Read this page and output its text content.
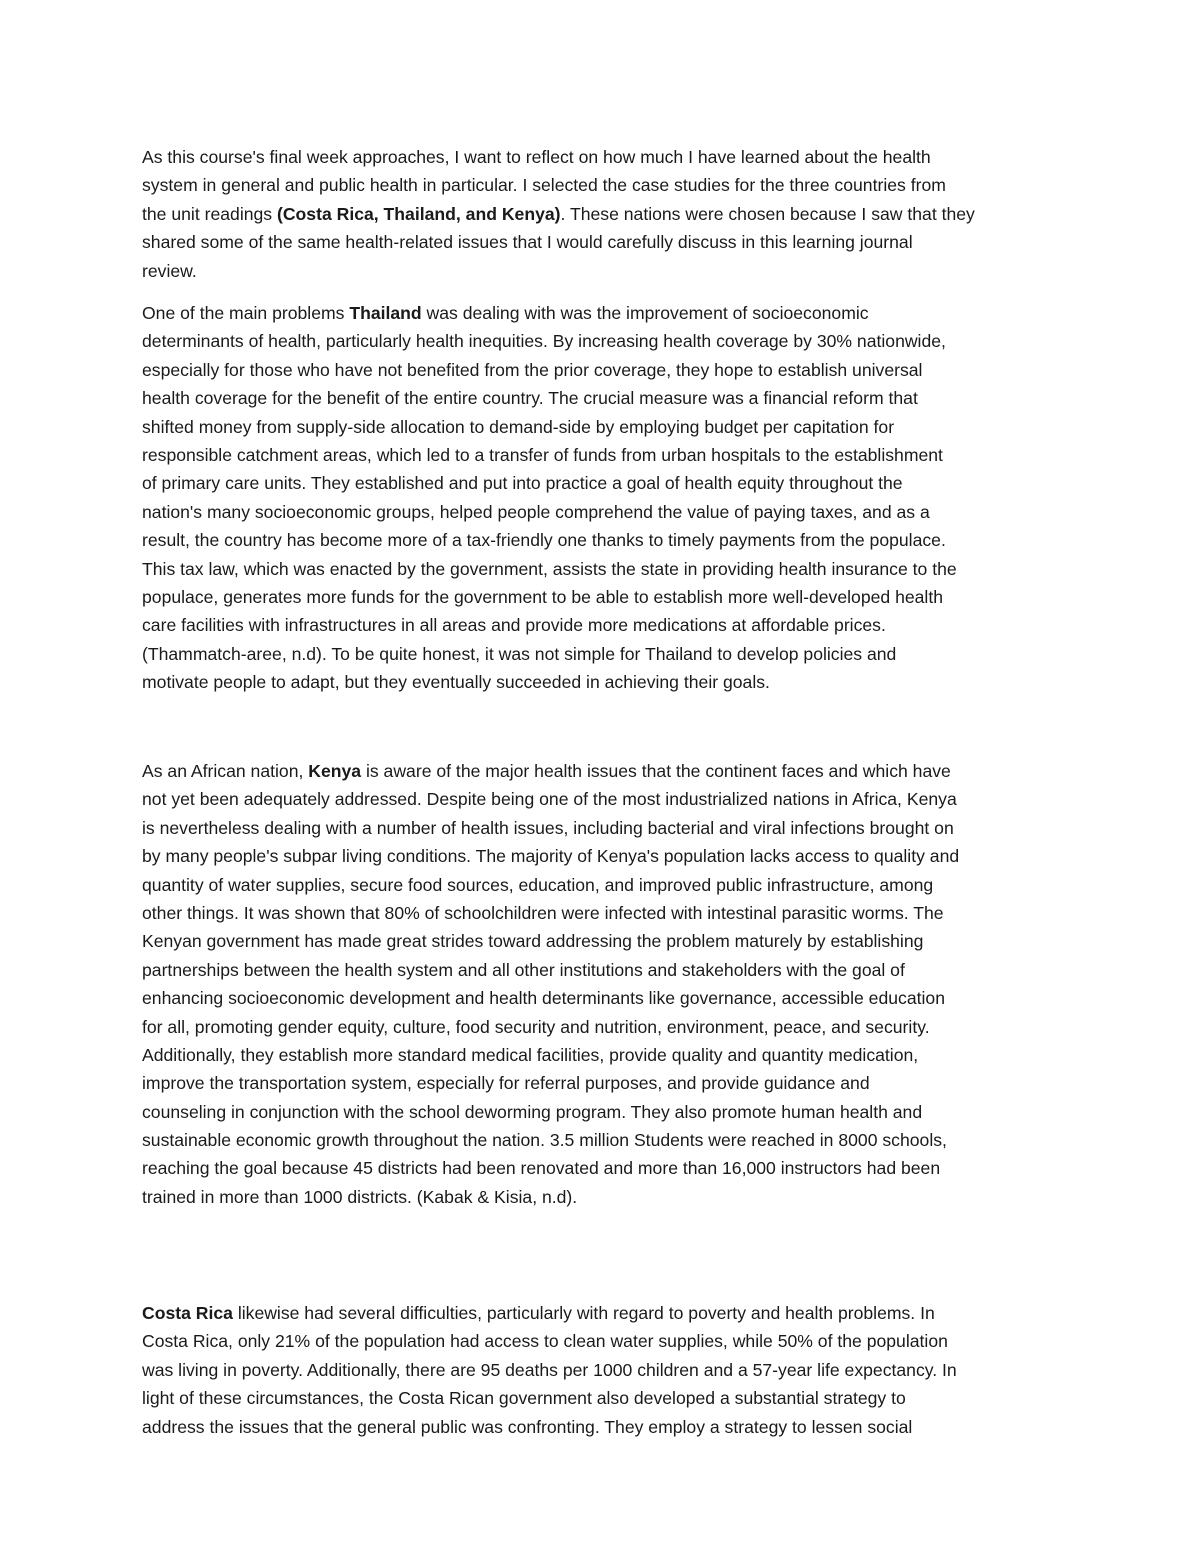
As this course's final week approaches, I want to reflect on how much I have learned about the health
system in general and public health in particular. I selected the case studies for the three countries from
the unit readings (Costa Rica, Thailand, and Kenya). These nations were chosen because I saw that they
shared some of the same health-related issues that I would carefully discuss in this learning journal
review.
One of the main problems Thailand was dealing with was the improvement of socioeconomic
determinants of health, particularly health inequities. By increasing health coverage by 30% nationwide,
especially for those who have not benefited from the prior coverage, they hope to establish universal
health coverage for the benefit of the entire country. The crucial measure was a financial reform that
shifted money from supply-side allocation to demand-side by employing budget per capitation for
responsible catchment areas, which led to a transfer of funds from urban hospitals to the establishment
of primary care units. They established and put into practice a goal of health equity throughout the
nation's many socioeconomic groups, helped people comprehend the value of paying taxes, and as a
result, the country has become more of a tax-friendly one thanks to timely payments from the populace.
This tax law, which was enacted by the government, assists the state in providing health insurance to the
populace, generates more funds for the government to be able to establish more well-developed health
care facilities with infrastructures in all areas and provide more medications at affordable prices.
(Thammatch-aree, n.d). To be quite honest, it was not simple for Thailand to develop policies and
motivate people to adapt, but they eventually succeeded in achieving their goals.
As an African nation, Kenya is aware of the major health issues that the continent faces and which have
not yet been adequately addressed. Despite being one of the most industrialized nations in Africa, Kenya
is nevertheless dealing with a number of health issues, including bacterial and viral infections brought on
by many people's subpar living conditions. The majority of Kenya's population lacks access to quality and
quantity of water supplies, secure food sources, education, and improved public infrastructure, among
other things. It was shown that 80% of schoolchildren were infected with intestinal parasitic worms. The
Kenyan government has made great strides toward addressing the problem maturely by establishing
partnerships between the health system and all other institutions and stakeholders with the goal of
enhancing socioeconomic development and health determinants like governance, accessible education
for all, promoting gender equity, culture, food security and nutrition, environment, peace, and security.
Additionally, they establish more standard medical facilities, provide quality and quantity medication,
improve the transportation system, especially for referral purposes, and provide guidance and
counseling in conjunction with the school deworming program. They also promote human health and
sustainable economic growth throughout the nation. 3.5 million Students were reached in 8000 schools,
reaching the goal because 45 districts had been renovated and more than 16,000 instructors had been
trained in more than 1000 districts. (Kabak & Kisia, n.d).
Costa Rica likewise had several difficulties, particularly with regard to poverty and health problems. In
Costa Rica, only 21% of the population had access to clean water supplies, while 50% of the population
was living in poverty. Additionally, there are 95 deaths per 1000 children and a 57-year life expectancy. In
light of these circumstances, the Costa Rican government also developed a substantial strategy to
address the issues that the general public was confronting. They employ a strategy to lessen social
